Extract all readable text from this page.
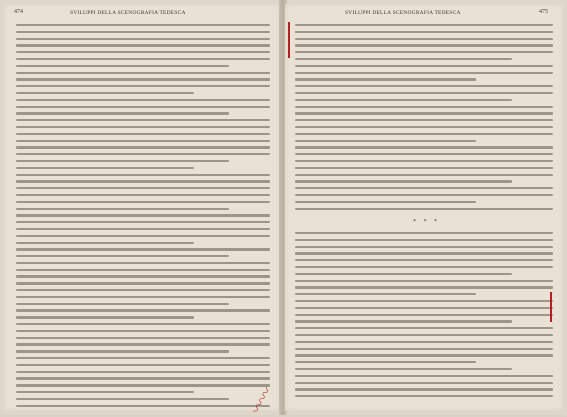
474	SVILUPPI DELLA SCENOGRAFIA TEDESCA	SVILUPPI DELLA SCENOGRAFIA TEDESCA	475
* * *
〰〰
